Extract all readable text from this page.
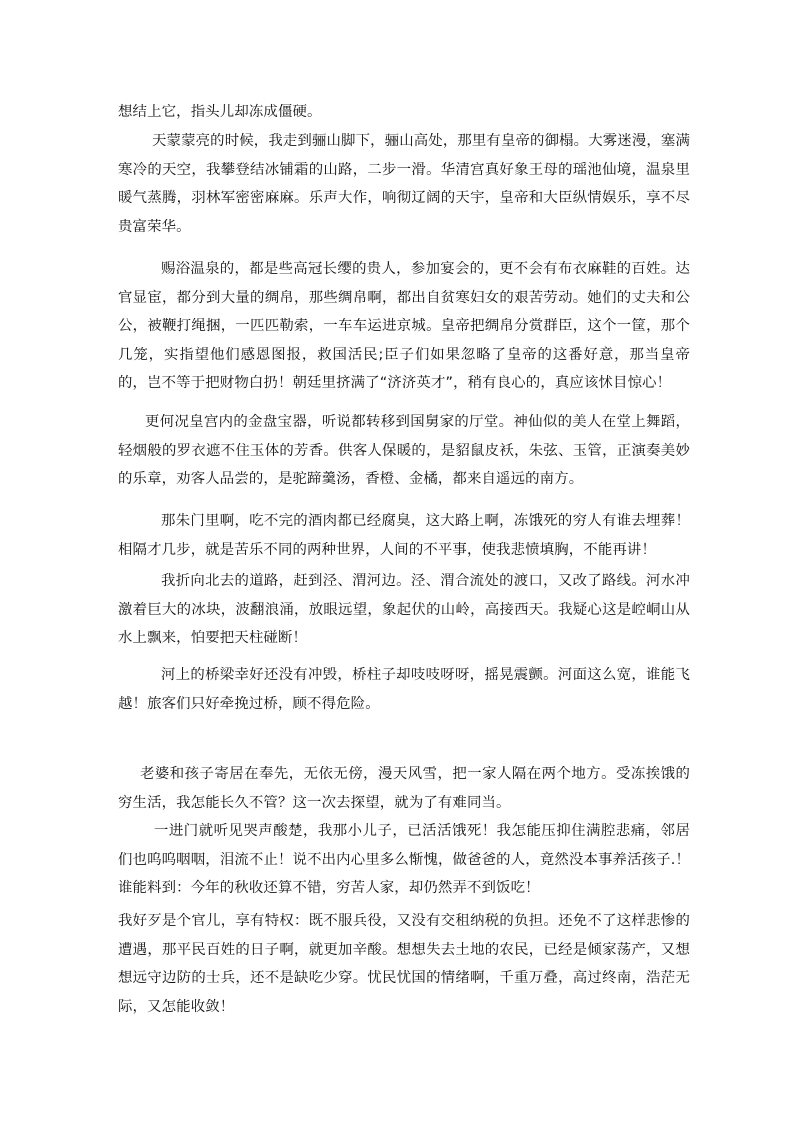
想结上它，指头儿却冻成僵硬。

天蒙蒙亮的时候，我走到骊山脚下，骊山高处，那里有皇帝的御榻。大雾迷漫，塞满寒冷的天空，我攀登结冰铺霜的山路，二步一滑。华清宫真好象王母的瑶池仙境，温泉里暖气蒸腾，羽林军密密麻麻。乐声大作，响彻辽阔的天宇，皇帝和大臣纵情娱乐，享不尽贵富荣华。

赐浴温泉的，都是些高冠长缨的贵人，参加宴会的，更不会有布衣麻鞋的百姓。达官显宦，都分到大量的绸帛，那些绸帛啊，都出自贫寒妇女的艰苦劳动。她们的丈夫和公公，被鞭打绳捆，一匹匹勒索，一车车运进京城。皇帝把绸帛分赏群臣，这个一筐，那个几笼，实指望他们感恩图报，救国活民;臣子们如果忽略了皇帝的这番好意，那当皇帝的，岂不等于把财物白扔！朝廷里挤满了“济济英才”，稍有良心的，真应该怵目惊心！

更何况皇宫内的金盘宝器，听说都转移到国舅家的厅堂。神仙似的美人在堂上舞蹈，轻烟般的罗衣遮不住玉体的芳香。供客人保暖的，是貂鼠皮袄，朱弦、玉管，正演奏美妙的乐章，劝客人品尝的，是驼蹄羹汤，香橙、金橘，都来自遥远的南方。

那朱门里啊，吃不完的酒肉都已经腐臭，这大路上啊，冻饿死的穷人有谁去埋葬！相隔才几步，就是苦乐不同的两种世界，人间的不平事，使我悲愤填胸，不能再讲！

我折向北去的道路，赶到泾、渭河边。泾、渭合流处的渡口，又改了路线。河水冲激着巨大的冰块，波翻浪涌，放眼远望，象起伏的山岭，高接西天。我疑心这是崆峒山从水上飘来，怕要把天柱碰断！

河上的桥梁幸好还没有冲毁，桥柱子却吱吱呀呀，摇晃震颤。河面这么宽，谁能飞越！旅客们只好牵挽过桥，顾不得危险。

老婆和孩子寄居在奉先，无依无傍，漫天风雪，把一家人隔在两个地方。受冻挨饿的穷生活，我怎能长久不管？这一次去探望，就为了有难同当。

一进门就听见哭声酸楚，我那小儿子，已活活饿死！我怎能压抑住满腔悲痛，邻居们也呜呜咽咽，泪流不止！说不出内心里多么惭愧，做爸爸的人，竟然没本事养活孩子.！谁能料到：今年的秋收还算不错，穷苦人家，却仍然弄不到饭吃！

我好歹是个官儿，享有特权：既不服兵役，又没有交租纳税的负担。还免不了这样悲惨的遭遇，那平民百姓的日子啊，就更加辛酸。想想失去土地的农民，已经是倾家荡产，又想想远守边防的士兵，还不是缺吃少穿。忧民忧国的情绪啊，千重万叠，高过终南，浩茫无际，又怎能收敛！
